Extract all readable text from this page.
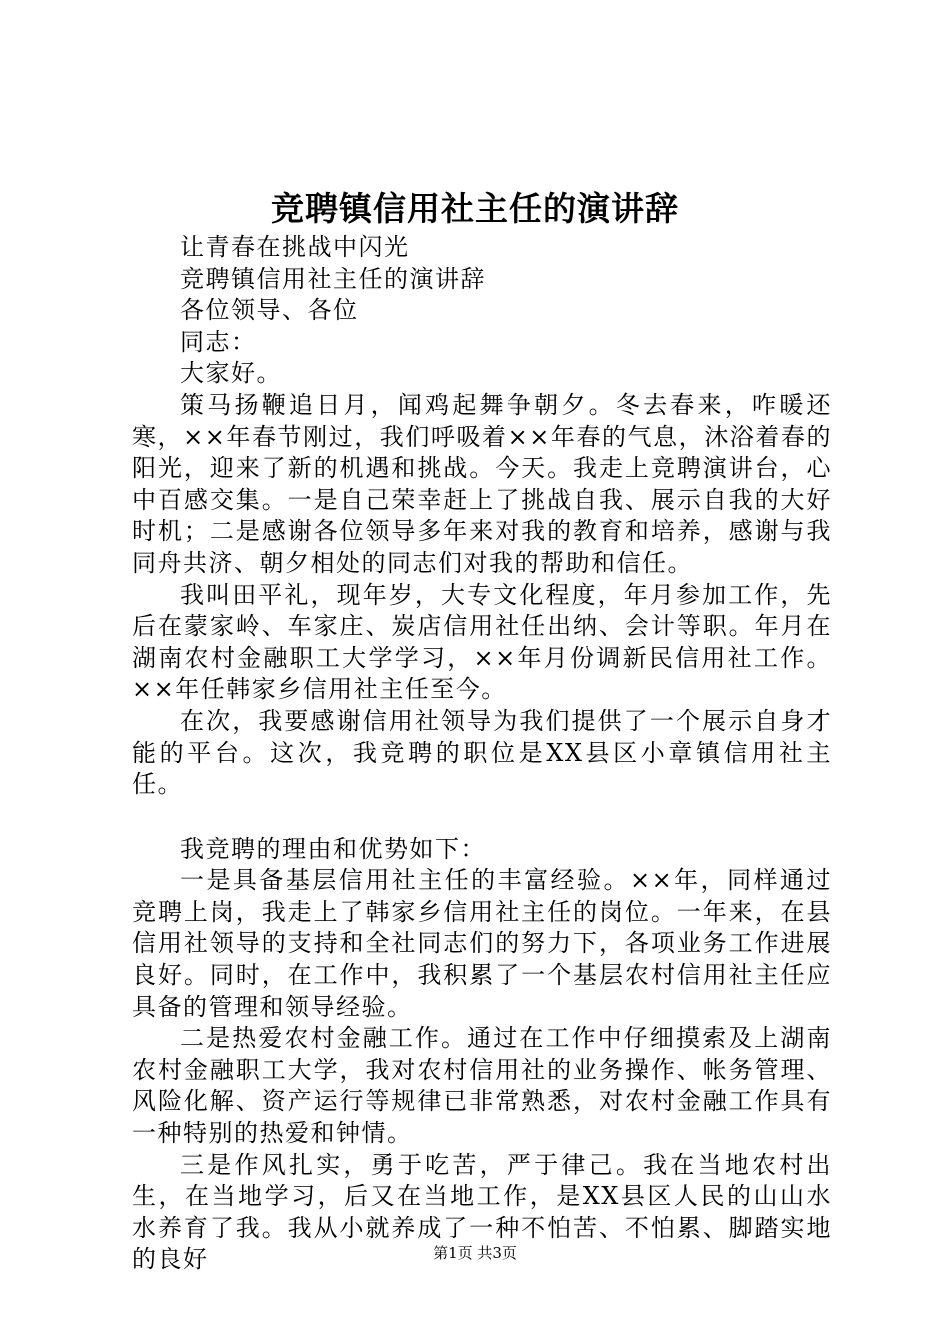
竞聘镇信用社主任的演讲辞

让青春在挑战中闪光

竞聘镇信用社主任的演讲辞

各位领导、各位

同志：

大家好。

策马扬鞭追日月，闻鸡起舞争朝夕。冬去春来，咋暖还寒，××年春节刚过，我们呼吸着××年春的气息，沐浴着春的阳光，迎来了新的机遇和挑战。今天。我走上竞聘演讲台，心中百感交集。一是自己荣幸赶上了挑战自我、展示自我的大好时机；二是感谢各位领导多年来对我的教育和培养，感谢与我同舟共济、朝夕相处的同志们对我的帮助和信任。

我叫田平礼，现年岁，大专文化程度，年月参加工作，先后在蒙家岭、车家庄、炭店信用社任出纳、会计等职。年月在湖南农村金融职工大学学习，××年月份调新民信用社工作。××年任韩家乡信用社主任至今。

在次，我要感谢信用社领导为我们提供了一个展示自身才能的平台。这次，我竞聘的职位是XX县区小章镇信用社主任。

我竞聘的理由和优势如下：

一是具备基层信用社主任的丰富经验。××年，同样通过竞聘上岗，我走上了韩家乡信用社主任的岗位。一年来，在县信用社领导的支持和全社同志们的努力下，各项业务工作进展良好。同时，在工作中，我积累了一个基层农村信用社主任应具备的管理和领导经验。

二是热爱农村金融工作。通过在工作中仔细摸索及上湖南农村金融职工大学，我对农村信用社的业务操作、帐务管理、风险化解、资产运行等规律已非常熟悉，对农村金融工作具有一种特别的热爱和钟情。

三是作风扎实，勇于吃苦，严于律己。我在当地农村出生，在当地学习，后又在当地工作，是XX县区人民的山山水水养育了我。我从小就养成了一种不怕苦、不怕累、脚踏实地的良好	第1页 共3页
